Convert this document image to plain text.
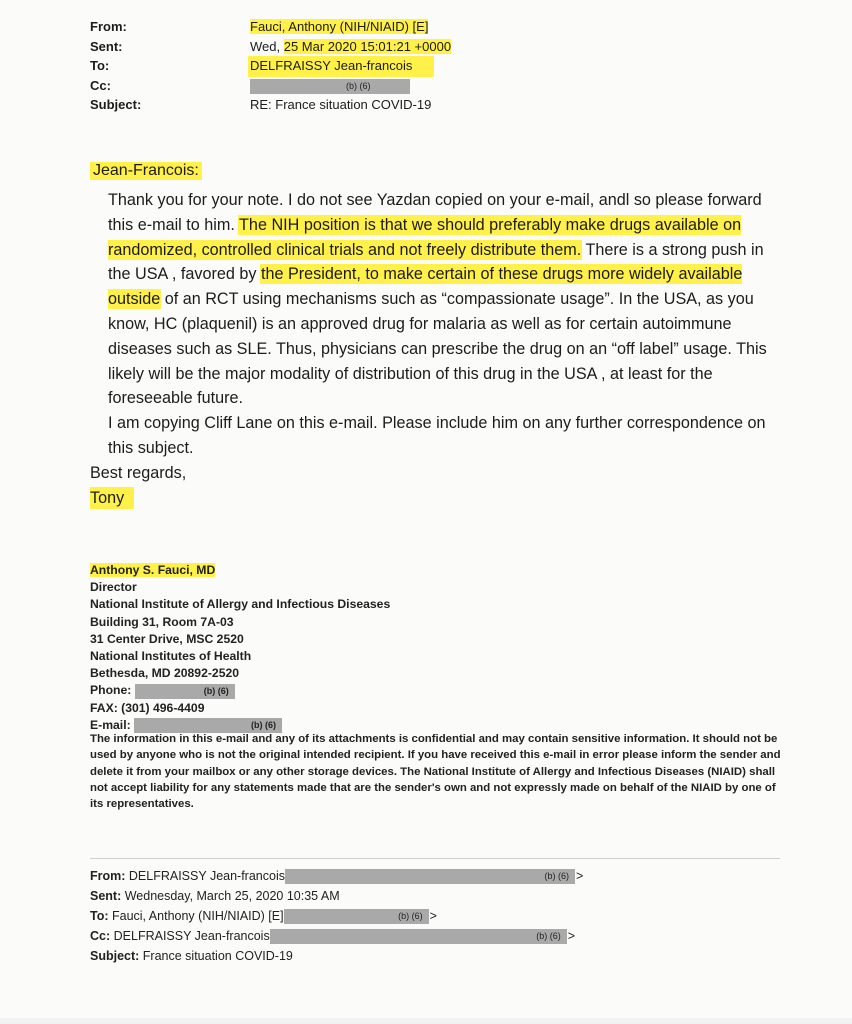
From:	Fauci, Anthony (NIH/NIAID) [E]
Sent:	Wed, 25 Mar 2020 15:01:21 +0000
To:	DELFRAISSY Jean-francois
Cc:	(b) (6)
Subject:	RE: France situation COVID-19
Jean-Francois:

Thank you for your note. I do not see Yazdan copied on your e-mail, andl so please forward this e-mail to him. The NIH position is that we should preferably make drugs available on randomized, controlled clinical trials and not freely distribute them. There is a strong push in the USA , favored by the President, to make certain of these drugs more widely available outside of an RCT using mechanisms such as “compassionate usage”. In the USA, as you know, HC (plaquenil) is an approved drug for malaria as well as for certain autoimmune diseases such as SLE. Thus, physicians can prescribe the drug on an “off label” usage. This likely will be the major modality of distribution of this drug in the USA , at least for the foreseeable future.

I am copying Cliff Lane on this e-mail. Please include him on any further correspondence on this subject.

Best regards,

Tony

Anthony S. Fauci, MD
Director
National Institute of Allergy and Infectious Diseases
Building 31, Room 7A-03
31 Center Drive, MSC 2520
National Institutes of Health
Bethesda, MD 20892-2520
Phone:	(b) (6)
FAX: (301) 496-4409
E-mail:	(b) (6)
The information in this e-mail and any of its attachments is confidential and may contain sensitive information. It should not be used by anyone who is not the original intended recipient. If you have received this e-mail in error please inform the sender and delete it from your mailbox or any other storage devices. The National Institute of Allergy and Infectious Diseases (NIAID) shall not accept liability for any statements made that are the sender's own and not expressly made on behalf of the NIAID by one of its representatives.
From: DELFRAISSY Jean-francois	(b) (6) >
Sent: Wednesday, March 25, 2020 10:35 AM
To: Fauci, Anthony (NIH/NIAID) [E]	(b) (6) >
Cc: DELFRAISSY Jean-francois	(b) (6) >
Subject: France situation COVID-19
